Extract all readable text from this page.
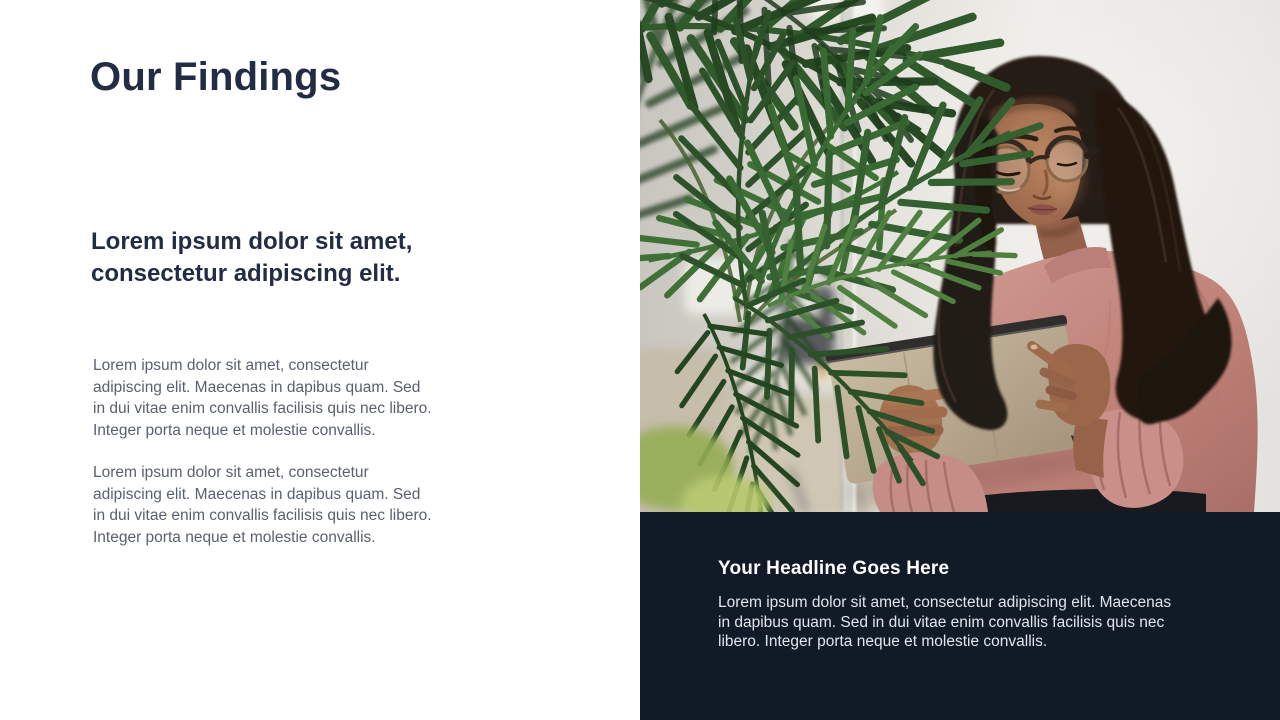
Our Findings
Lorem ipsum dolor sit amet,
consectetur adipiscing elit.
Lorem ipsum dolor sit amet, consectetur
adipiscing elit. Maecenas in dapibus quam. Sed
in dui vitae enim convallis facilisis quis nec libero.
Integer porta neque et molestie convallis.
Lorem ipsum dolor sit amet, consectetur
adipiscing elit. Maecenas in dapibus quam. Sed
in dui vitae enim convallis facilisis quis nec libero.
Integer porta neque et molestie convallis.
Your Headline Goes Here
Lorem ipsum dolor sit amet, consectetur adipiscing elit. Maecenas
in dapibus quam. Sed in dui vitae enim convallis facilisis quis nec
libero. Integer porta neque et molestie convallis.
